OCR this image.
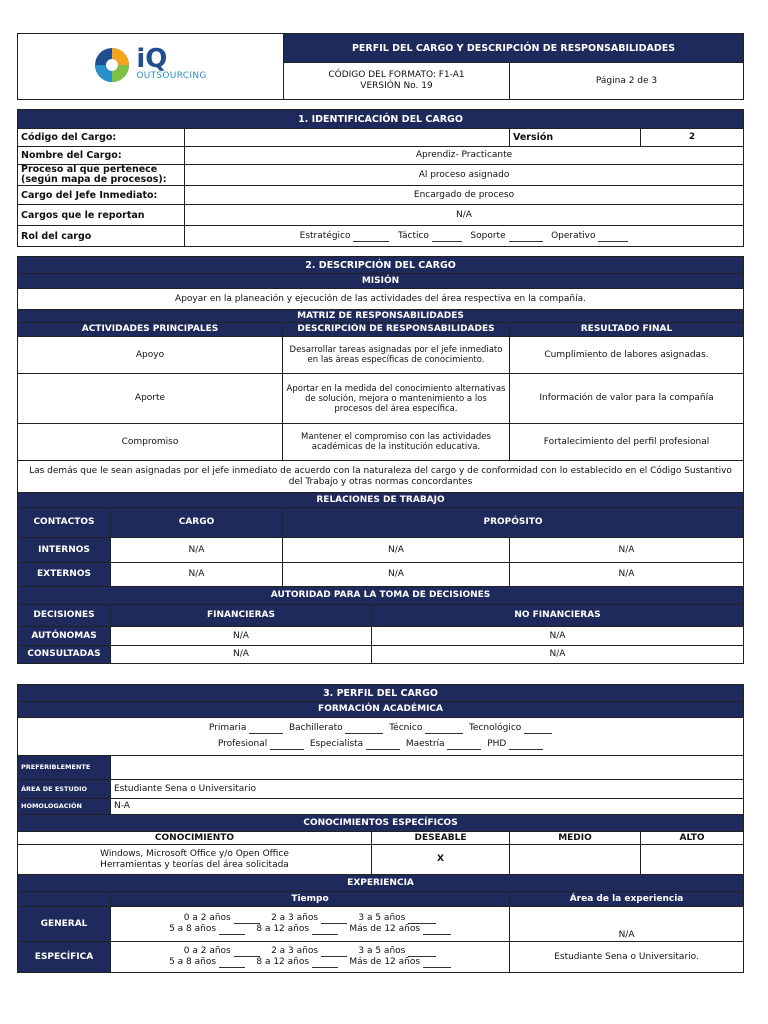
iQ
OUTSOURCING	PERFIL DEL CARGO Y DESCRIPCIÓN DE RESPONSABILIDADES	

	CÓDIGO DEL FORMATO: F1-A1
VERSIÓN No. 19	Página 2 de 3
1. IDENTIFICACIÓN DEL CARGO			
Código del Cargo:		Versión	2
Nombre del Cargo:	Aprendiz- Practicante		
Proceso al que pertenece (según mapa de procesos):	Al proceso asignado		
Cargo del Jefe Inmediato:	Encargado de proceso		
Cargos que le reportan	N/A		
Rol del cargo	Estratégico Táctico Soporte Operativo		
2. DESCRIPCIÓN DEL CARGO				
MISIÓN				
Apoyar en la planeación y ejecución de las actividades del área respectiva en la compañía.				
MATRIZ DE RESPONSABILIDADES				
ACTIVIDADES PRINCIPALES		DESCRIPCIÓN DE RESPONSABILIDADES		RESULTADO FINAL
Apoyo		Desarrollar tareas asignadas por el jefe inmediato en las áreas específicas de conocimiento.		Cumplimiento de labores asignadas.
Aporte		Aportar en la medida del conocimiento alternativas de solución, mejora o mantenimiento a los procesos del área específica.		Información de valor para la compañía
Compromiso		Mantener el compromiso con las actividades académicas de la institución educativa.		Fortalecimiento del perfil profesional
Las demás que le sean asignadas por el jefe inmediato de acuerdo con la naturaleza del cargo y de conformidad con lo establecido en el Código Sustantivo del Trabajo y otras normas concordantes				
RELACIONES DE TRABAJO				
CONTACTOS	CARGO	PROPÓSITO		
INTERNOS	N/A	N/A		N/A
EXTERNOS	N/A	N/A		N/A
AUTORIDAD PARA LA TOMA DE DECISIONES				
DECISIONES	FINANCIERAS		NO FINANCIERAS	
AUTÓNOMAS	N/A		N/A	
CONSULTADAS	N/A		N/A	
3. PERFIL DEL CARGO				
FORMACIÓN ACADÉMICA				

Primaria Bachillerato Técnico Tecnológico
Profesional Especialista Maestría PHD				

PREFERIBLEMENTE				
ÁREA DE ESTUDIO	Estudiante Sena o Universitario			
HOMOLOGACIÓN	N-A			
CONOCIMIENTOS ESPECÍFICOS				
CONOCIMIENTO		DESEABLE	MEDIO	ALTO

Windows, Microsoft Office y/o Open Office
Herramientas y teorías del área solicitada		X		
EXPERIENCIA				
	Tiempo		Área de la experiencia	
GENERAL	0 a 2 años 2 a 3 años 3 a 5 años
5 a 8 años 8 a 12 años Más de 12 años		N/A	
ESPECÍFICA	0 a 2 años 2 a 3 años 3 a 5 años
5 a 8 años 8 a 12 años Más de 12 años		Estudiante Sena o Universitario.	
